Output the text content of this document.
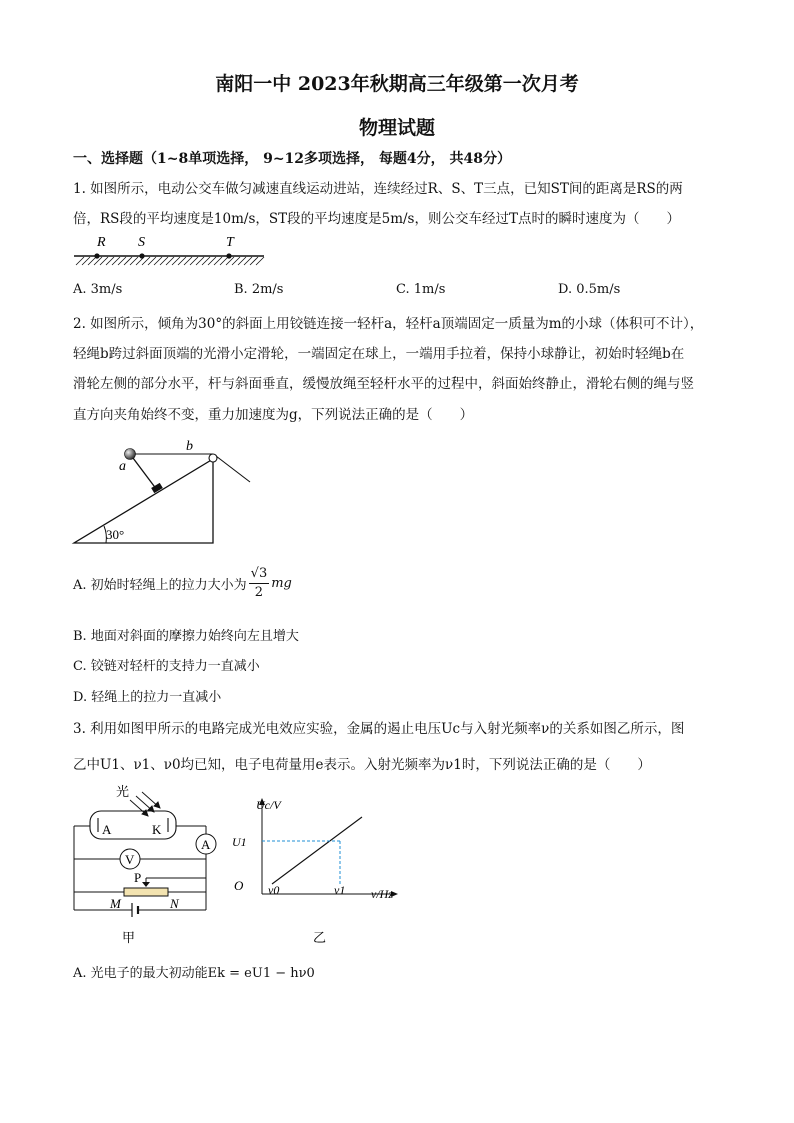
南阳一中 2023年秋期高三年级第一次月考
物理试题
一、选择题（1~8单项选择， 9~12多项选择， 每题4分， 共48分）
1. 如图所示，电动公交车做匀减速直线运动进站，连续经过R、S、T三点，已知ST间的距离是RS的两
倍，RS段的平均速度是10m/s，ST段的平均速度是5m/s，则公交车经过T点时的瞬时速度为（　　）
R S	T
A. 3m/s	B. 2m/s	C. 1m/s	D. 0.5m/s
2. 如图所示，倾角为30°的斜面上用铰链连接一轻杆a，轻杆a顶端固定一质量为m的小球（体积可不计），
轻绳b跨过斜面顶端的光滑小定滑轮，一端固定在球上，一端用手拉着，保持小球静让，初始时轻绳b在
滑轮左侧的部分水平，杆与斜面垂直，缓慢放绳至轻杆水平的过程中，斜面始终静止，滑轮右侧的绳与竖
直方向夹角始终不变，重力加速度为g，下列说法正确的是（　　）
30°
a
b
A. 初始时轻绳上的拉力大小为 $\frac{√3}{2}$ mg
B. 地面对斜面的摩擦力始终向左且增大
C. 铰链对轻杆的支持力一直减小
D. 轻绳上的拉力一直减小
3. 利用如图甲所示的电路完成光电效应实验，金属的遏止电压Uc与入射光频率ν的关系如图乙所示，图
乙中U1、ν1、ν0均已知，电子电荷量用e表示。入射光频率为ν1时，下列说法正确的是（　　）
光
A	K
A
V
P
M	N
甲
Uc/V
ν/Hz
O
U1
ν0	ν1
乙
A. 光电子的最大初动能Ek = eU1 − hν0
